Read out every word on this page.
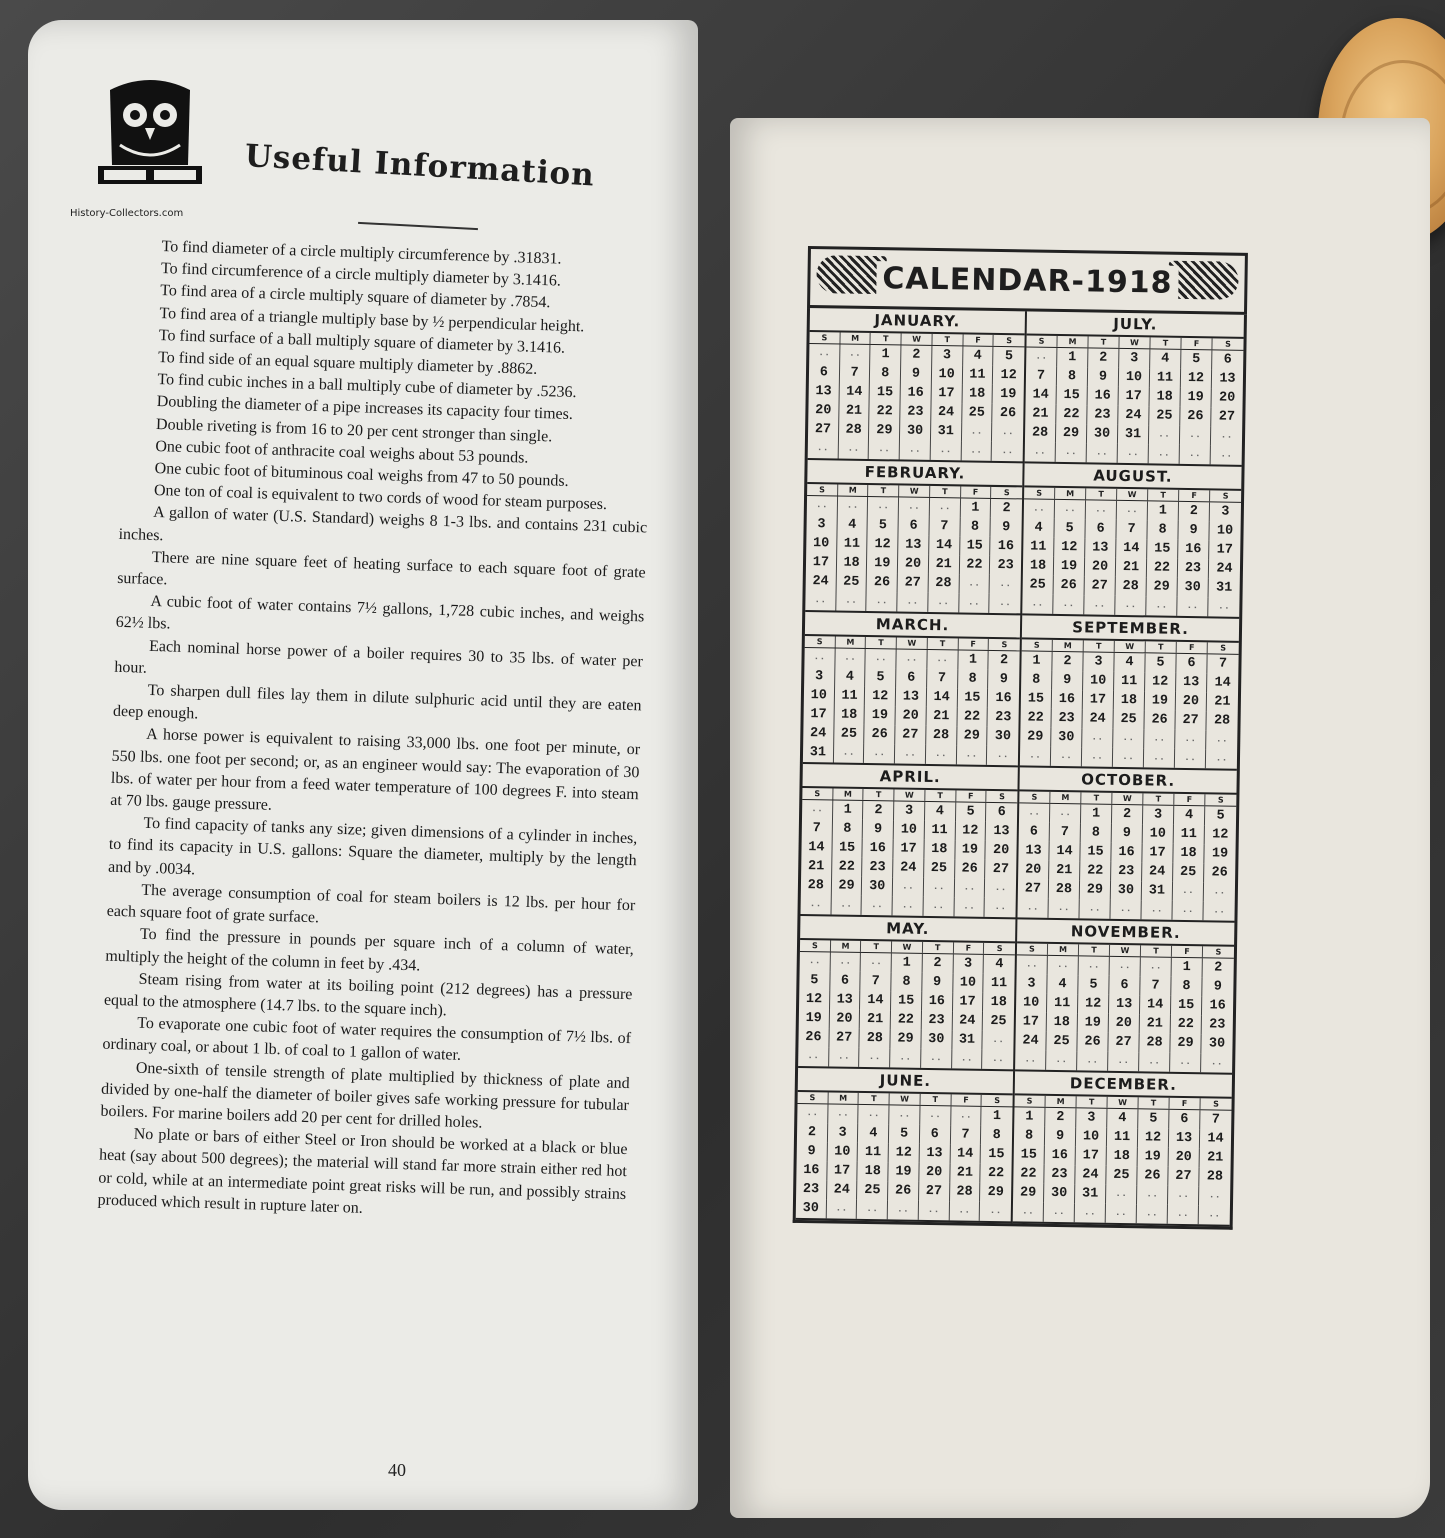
History-Collectors.com
Useful Information

To find diameter of a circle multiply circumference by .31831.

To find circumference of a circle multiply diameter by 3.1416.

To find area of a circle multiply square of diameter by .7854.

To find area of a triangle multiply base by ½ perpendicular height.

To find surface of a ball multiply square of diameter by 3.1416.

To find side of an equal square multiply diameter by .8862.

To find cubic inches in a ball multiply cube of diameter by .5236.

Doubling the diameter of a pipe increases its capacity four times.

Double riveting is from 16 to 20 per cent stronger than single.

One cubic foot of anthracite coal weighs about 53 pounds.

One cubic foot of bituminous coal weighs from 47 to 50 pounds.

One ton of coal is equivalent to two cords of wood for steam purposes.

A gallon of water (U.S. Standard) weighs 8 1-3 lbs. and contains 231 cubic inches.

There are nine square feet of heating surface to each square foot of grate surface.

A cubic foot of water contains 7½ gallons, 1,728 cubic inches, and weighs 62½ lbs.

Each nominal horse power of a boiler requires 30 to 35 lbs. of water per hour.

To sharpen dull files lay them in dilute sulphuric acid until they are eaten deep enough.

A horse power is equivalent to raising 33,000 lbs. one foot per minute, or 550 lbs. one foot per second; or, as an engineer would say: The evaporation of 30 lbs. of water per hour from a feed water temperature of 100 degrees F. into steam at 70 lbs. gauge pressure.

To find capacity of tanks any size; given dimensions of a cylinder in inches, to find its capacity in U.S. gallons: Square the diameter, multiply by the length and by .0034.

The average consumption of coal for steam boilers is 12 lbs. per hour for each square foot of grate surface.

To find the pressure in pounds per square inch of a column of water, multiply the height of the column in feet by .434.

Steam rising from water at its boiling point (212 degrees) has a pressure equal to the atmosphere (14.7 lbs. to the square inch).

To evaporate one cubic foot of water requires the consumption of 7½ lbs. of ordinary coal, or about 1 lb. of coal to 1 gallon of water.

One-sixth of tensile strength of plate multiplied by thickness of plate and divided by one-half the diameter of boiler gives safe working pressure for tubular boilers. For marine boilers add 20 per cent for drilled holes.

No plate or bars of either Steel or Iron should be worked at a black or blue heat (say about 500 degrees); the material will stand far more strain either red hot or cold, while at an intermediate point great risks will be run, and possibly strains produced which result in rupture later on.

40
CALENDAR-1918
JANUARY.
S	M	T	W	T	F	S
..	..	1	2	3	4	5
6	7	8	9	10	11	12
13	14	15	16	17	18	19
20	21	22	23	24	25	26
27	28	29	30	31	..	..
..	..	..	..	..	..	..
JULY.
S	M	T	W	T	F	S
..	1	2	3	4	5	6
7	8	9	10	11	12	13
14	15	16	17	18	19	20
21	22	23	24	25	26	27
28	29	30	31	..	..	..
..	..	..	..	..	..	..
FEBRUARY.
S	M	T	W	T	F	S
..	..	..	..	..	1	2
3	4	5	6	7	8	9
10	11	12	13	14	15	16
17	18	19	20	21	22	23
24	25	26	27	28	..	..
..	..	..	..	..	..	..
AUGUST.
S	M	T	W	T	F	S
..	..	..	..	1	2	3
4	5	6	7	8	9	10
11	12	13	14	15	16	17
18	19	20	21	22	23	24
25	26	27	28	29	30	31
..	..	..	..	..	..	..
MARCH.
S	M	T	W	T	F	S
..	..	..	..	..	1	2
3	4	5	6	7	8	9
10	11	12	13	14	15	16
17	18	19	20	21	22	23
24	25	26	27	28	29	30
31	..	..	..	..	..	..
SEPTEMBER.
S	M	T	W	T	F	S
1	2	3	4	5	6	7
8	9	10	11	12	13	14
15	16	17	18	19	20	21
22	23	24	25	26	27	28
29	30	..	..	..	..	..
..	..	..	..	..	..	..
APRIL.
S	M	T	W	T	F	S
..	1	2	3	4	5	6
7	8	9	10	11	12	13
14	15	16	17	18	19	20
21	22	23	24	25	26	27
28	29	30	..	..	..	..
..	..	..	..	..	..	..
OCTOBER.
S	M	T	W	T	F	S
..	..	1	2	3	4	5
6	7	8	9	10	11	12
13	14	15	16	17	18	19
20	21	22	23	24	25	26
27	28	29	30	31	..	..
..	..	..	..	..	..	..
MAY.
S	M	T	W	T	F	S
..	..	..	1	2	3	4
5	6	7	8	9	10	11
12	13	14	15	16	17	18
19	20	21	22	23	24	25
26	27	28	29	30	31	..
..	..	..	..	..	..	..
NOVEMBER.
S	M	T	W	T	F	S
..	..	..	..	..	1	2
3	4	5	6	7	8	9
10	11	12	13	14	15	16
17	18	19	20	21	22	23
24	25	26	27	28	29	30
..	..	..	..	..	..	..
JUNE.
S	M	T	W	T	F	S
..	..	..	..	..	..	1
2	3	4	5	6	7	8
9	10	11	12	13	14	15
16	17	18	19	20	21	22
23	24	25	26	27	28	29
30	..	..	..	..	..	..
DECEMBER.
S	M	T	W	T	F	S
1	2	3	4	5	6	7
8	9	10	11	12	13	14
15	16	17	18	19	20	21
22	23	24	25	26	27	28
29	30	31	..	..	..	..
..	..	..	..	..	..	..
